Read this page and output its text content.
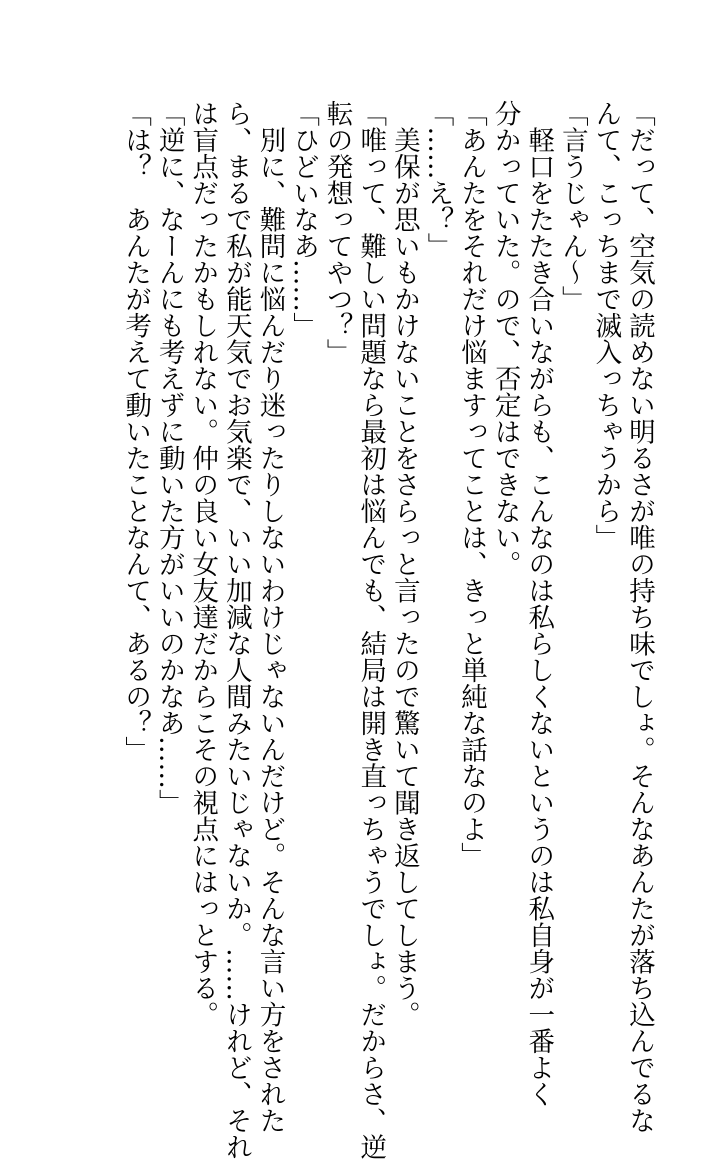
「だって、空気の読めない明るさが唯の持ち味でしょ。そんなあんたが落ち込んでるな
んて、こっちまで滅入っちゃうから」
「言うじゃん～」
　軽口をたたき合いながらも、こんなのは私らしくないというのは私自身が一番よく
分かっていた。ので、否定はできない。
「あんたをそれだけ悩ますってことは、きっと単純な話なのよ」
「……え？」
　美保が思いもかけないことをさらっと言ったので驚いて聞き返してしまう。
「唯って、難しい問題なら最初は悩んでも、結局は開き直っちゃうでしょ。だからさ、逆
転の発想ってやつ？」
「ひどいなあ……」
　別に、難問に悩んだり迷ったりしないわけじゃないんだけど。そんな言い方をされた
ら、まるで私が能天気でお気楽で、いい加減な人間みたいじゃないか。……けれど、それ
は盲点だったかもしれない。仲の良い女友達だからこその視点にはっとする。
「逆に、なーんにも考えずに動いた方がいいのかなあ……」
「は？　あんたが考えて動いたことなんて、あるの？」
